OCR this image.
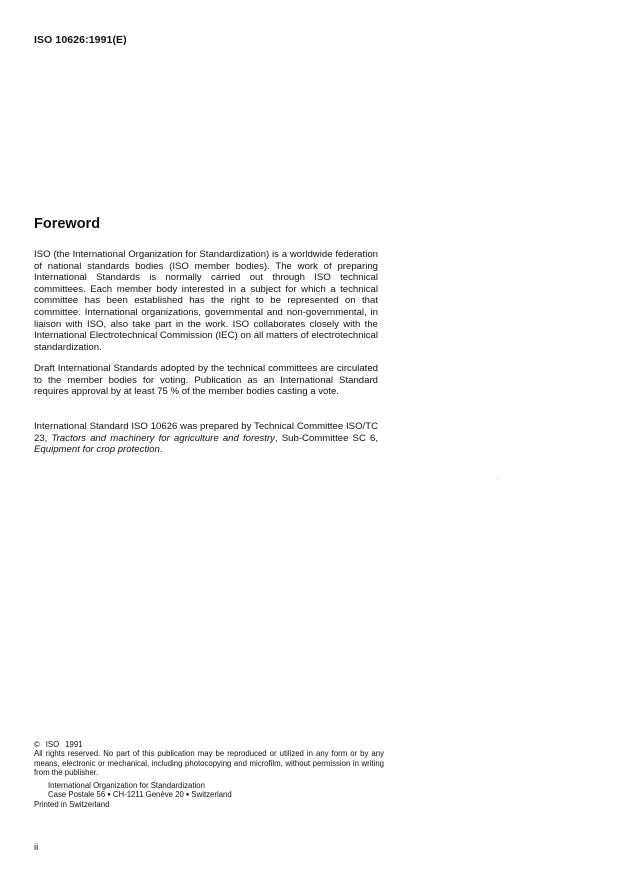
ISO 10626:1991(E)
Foreword
ISO (the International Organization for Standardization) is a worldwide federation of national standards bodies (ISO member bodies). The work of preparing International Standards is normally carried out through ISO technical committees. Each member body interested in a subject for which a technical committee has been established has the right to be represented on that committee. International organizations, governmental and non-governmental, in liaison with ISO, also take part in the work. ISO collaborates closely with the International Electrotechnical Commission (IEC) on all matters of electrotechnical standardization.
Draft International Standards adopted by the technical committees are circulated to the member bodies for voting. Publication as an International Standard requires approval by at least 75 % of the member bodies casting a vote.
International Standard ISO 10626 was prepared by Technical Committee ISO/TC 23, Tractors and machinery for agriculture and forestry, Sub-Committee SC 6, Equipment for crop protection.
© ISO 1991
All rights reserved. No part of this publication may be reproduced or utilized in any form or by any means, electronic or mechanical, including photocopying and microfilm, without permission in writing from the publisher.
International Organization for Standardization
Case Postale 56 ● CH-1211 Genève 20 ● Switzerland
Printed in Switzerland
ii
